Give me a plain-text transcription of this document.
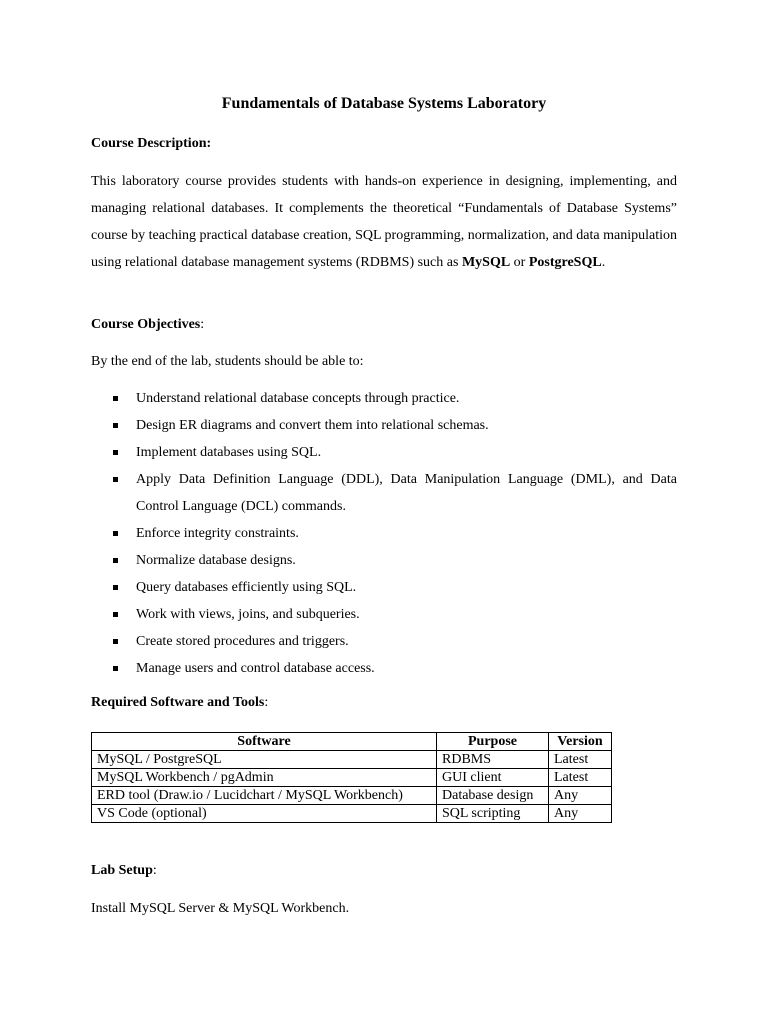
Fundamentals of Database Systems Laboratory
Course Description:
This laboratory course provides students with hands-on experience in designing, implementing, and managing relational databases. It complements the theoretical “Fundamentals of Database Systems” course by teaching practical database creation, SQL programming, normalization, and data manipulation using relational database management systems (RDBMS) such as MySQL or PostgreSQL.
Course Objectives:
By the end of the lab, students should be able to:
Understand relational database concepts through practice.
Design ER diagrams and convert them into relational schemas.
Implement databases using SQL.
Apply Data Definition Language (DDL), Data Manipulation Language (DML), and Data Control Language (DCL) commands.
Enforce integrity constraints.
Normalize database designs.
Query databases efficiently using SQL.
Work with views, joins, and subqueries.
Create stored procedures and triggers.
Manage users and control database access.
Required Software and Tools:
Software	Purpose	Version
MySQL / PostgreSQL	RDBMS	Latest
MySQL Workbench / pgAdmin	GUI client	Latest
ERD tool (Draw.io / Lucidchart / MySQL Workbench)	Database design	Any
VS Code (optional)	SQL scripting	Any
Lab Setup:
Install MySQL Server & MySQL Workbench.
